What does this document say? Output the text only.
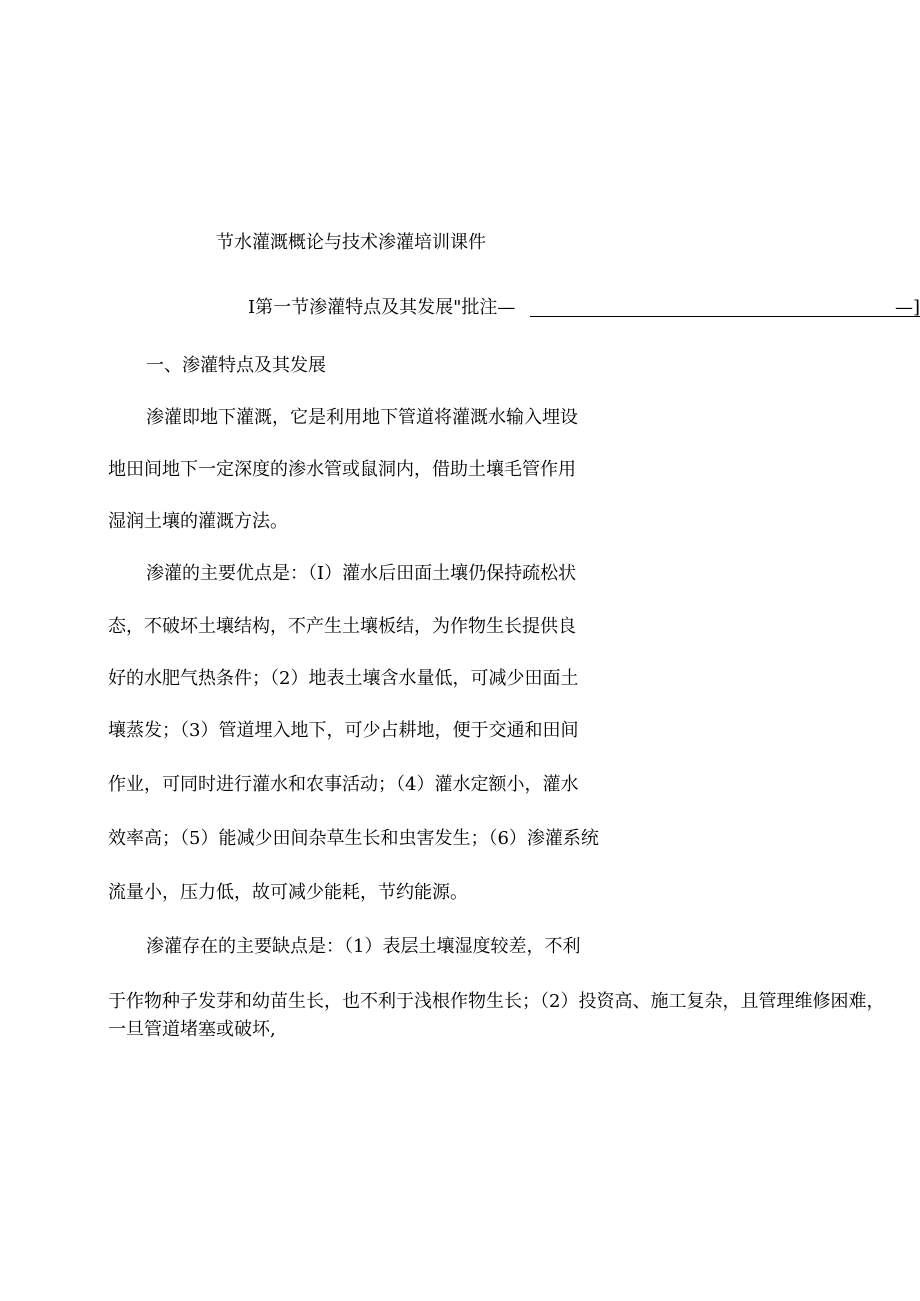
节水灌溉概论与技术渗灌培训课件
I第一节渗灌特点及其发展"批注—	—]
一、渗灌特点及其发展
渗灌即地下灌溉，它是利用地下管道将灌溉水输入埋设
地田间地下一定深度的渗水管或鼠洞内，借助土壤毛管作用
湿润土壤的灌溉方法。
渗灌的主要优点是：（I）灌水后田面土壤仍保持疏松状
态，不破坏土壤结构，不产生土壤板结，为作物生长提供良
好的水肥气热条件；（2）地表土壤含水量低，可减少田面土
壤蒸发；（3）管道埋入地下，可少占耕地，便于交通和田间
作业，可同时进行灌水和农事活动；（4）灌水定额小，灌水
效率高；（5）能减少田间杂草生长和虫害发生；（6）渗灌系统
流量小，压力低，故可减少能耗，节约能源。
渗灌存在的主要缺点是：（1）表层土壤湿度较差，不利
于作物种子发芽和幼苗生长，也不利于浅根作物生长；（2）投资高、施工复杂，且管理维修困难，
一旦管道堵塞或破坏,
